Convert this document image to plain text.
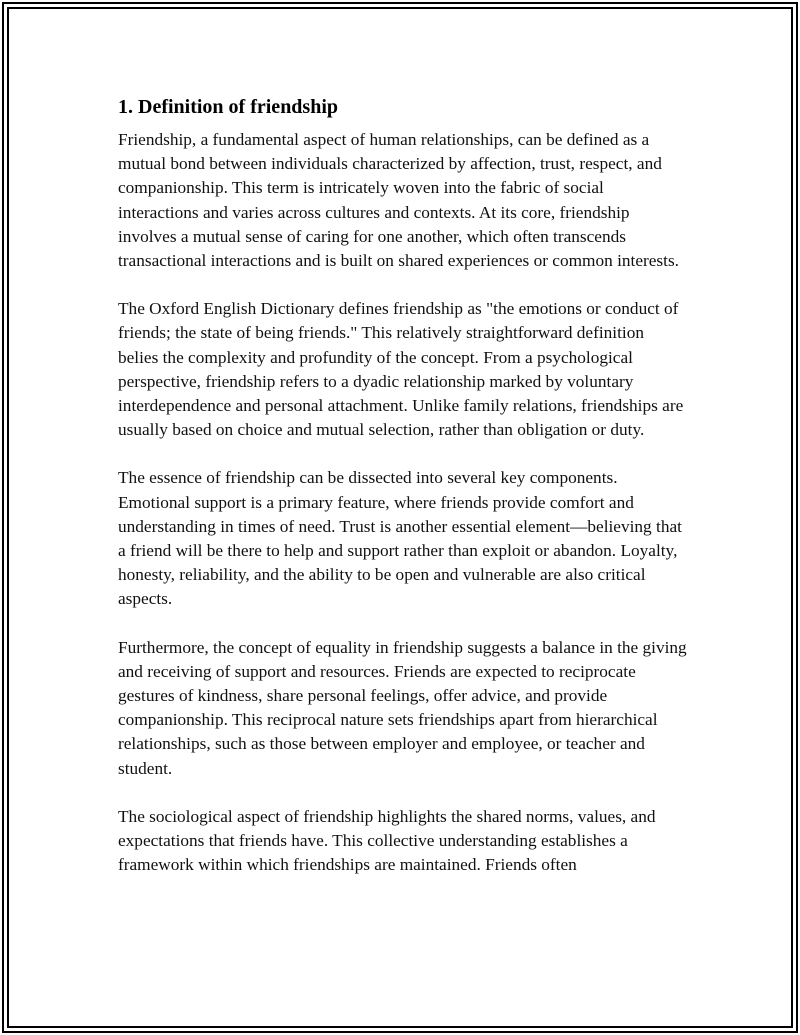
1. Definition of friendship

Friendship, a fundamental aspect of human relationships, can be defined as a mutual bond between individuals characterized by affection, trust, respect, and companionship. This term is intricately woven into the fabric of social interactions and varies across cultures and contexts. At its core, friendship involves a mutual sense of caring for one another, which often transcends transactional interactions and is built on shared experiences or common interests.

The Oxford English Dictionary defines friendship as "the emotions or conduct of friends; the state of being friends." This relatively straightforward definition belies the complexity and profundity of the concept. From a psychological perspective, friendship refers to a dyadic relationship marked by voluntary interdependence and personal attachment. Unlike family relations, friendships are usually based on choice and mutual selection, rather than obligation or duty.

The essence of friendship can be dissected into several key components. Emotional support is a primary feature, where friends provide comfort and understanding in times of need. Trust is another essential element—believing that a friend will be there to help and support rather than exploit or abandon. Loyalty, honesty, reliability, and the ability to be open and vulnerable are also critical aspects.

Furthermore, the concept of equality in friendship suggests a balance in the giving and receiving of support and resources. Friends are expected to reciprocate gestures of kindness, share personal feelings, offer advice, and provide companionship. This reciprocal nature sets friendships apart from hierarchical relationships, such as those between employer and employee, or teacher and student.

The sociological aspect of friendship highlights the shared norms, values, and expectations that friends have. This collective understanding establishes a framework within which friendships are maintained. Friends often
